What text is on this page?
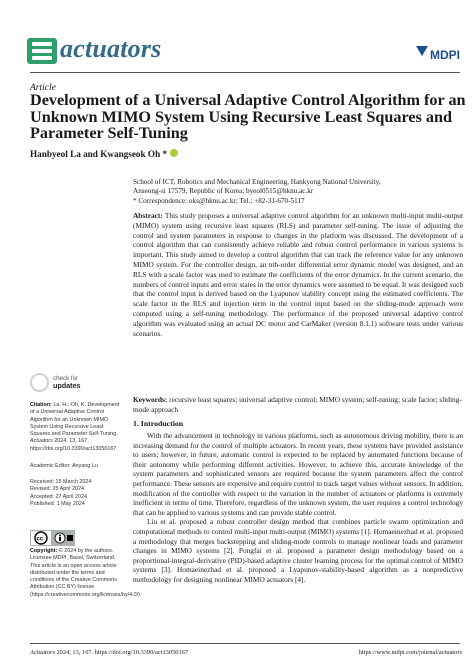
actuators	MDPI
Article
Development of a Universal Adaptive Control Algorithm for an Unknown MIMO System Using Recursive Least Squares and Parameter Self-Tuning
Hanbyeol La and Kwangseok Oh *
School of ICT, Robotics and Mechanical Engineering, Hankyong National University,
Anseong-si 17579, Republic of Korea; byeol0515@hknu.ac.kr
* Correspondence: oks@hknu.ac.kr; Tel.: +82-31-670-5117
Abstract: This study proposes a universal adaptive control algorithm for an unknown multi-input multi-output (MIMO) system using recursive least squares (RLS) and parameter self-tuning. The issue of adjusting the control and system parameters in response to changes in the platform was discussed. The development of a control algorithm that can consistently achieve reliable and robust control performance in various systems is important. This study aimed to develop a control algorithm that can track the reference value for any unknown MIMO system. For the controller design, an nth-order differential error dynamic model was designed, and an RLS with a scale factor was used to estimate the coefficients of the error dynamics. In the current scenario, the numbers of control inputs and error states in the error dynamics were assumed to be equal. It was designed such that the control input is derived based on the Lyapunov stability concept using the estimated coefficients. The scale factor in the RLS and injection term in the control input based on the sliding-mode approach were computed using a self-tuning methodology. The performance of the proposed universal adaptive control algorithm was evaluated using an actual DC motor and CarMaker (version 8.1.1) software tests under various scenarios.
Keywords: recursive least squares; universal adaptive control; MIMO system; self-tuning; scale factor; sliding-mode approach
check for
updates
Citation: La, H.; Oh, K. Development of a Universal Adaptive Control Algorithm for an Unknown MIMO System Using Recursive Least Squares and Parameter Self-Tuning. Actuators 2024, 13, 167. https://doi.org/10.3390/act13050167
Academic Editor: Anyang Lu
Received: 15 March 2024
Revised: 25 April 2024
Accepted: 27 April 2024
Published: 1 May 2024
cc
Copyright: © 2024 by the authors. Licensee MDPI, Basel, Switzerland. This article is an open access article distributed under the terms and conditions of the Creative Commons Attribution (CC BY) license (https://creativecommons.org/licenses/by/4.0/).
1. Introduction
With the advancement in technology in various platforms, such as autonomous driving mobility, there is an increasing demand for the control of multiple actuators. In recent years, these systems have provided assistance to users; however, in future, automatic control is expected to be replaced by automated functions because of their autonomy while performing different activities. However, to achieve this, accurate knowledge of the system parameters and sophisticated sensors are required because the system parameters affect the control performance. These sensors are expensive and require control to track target values without sensors. In addition, modification of the controller with respect to the variation in the number of actuators or platforms is extremely inefficient in terms of time. Therefore, regardless of the unknown system, the user requires a control technology that can be applied to various systems and can provide stable control.
Liu et al. proposed a robust controller design method that combines particle swarm optimization and computational methods to control multi-input multi-output (MIMO) systems [1]. Homaeinezhad et al. proposed a methodology that merges backstepping and sliding-mode controls to manage nonlinear loads and parameter changes in MIMO systems [2]. Pongfai et al. proposed a parameter design methodology based on a proportional-integral-derivative (PID)-based adaptive cluster learning process for the optimal control of MIMO systems [3]. Homaeinezhad et al. proposed a Lyapunov-stability-based algorithm as a nonpredictive methodology for designing nonlinear MIMO actuators [4].
Actuators 2024, 13, 167. https://doi.org/10.3390/act13050167	https://www.mdpi.com/journal/actuators
